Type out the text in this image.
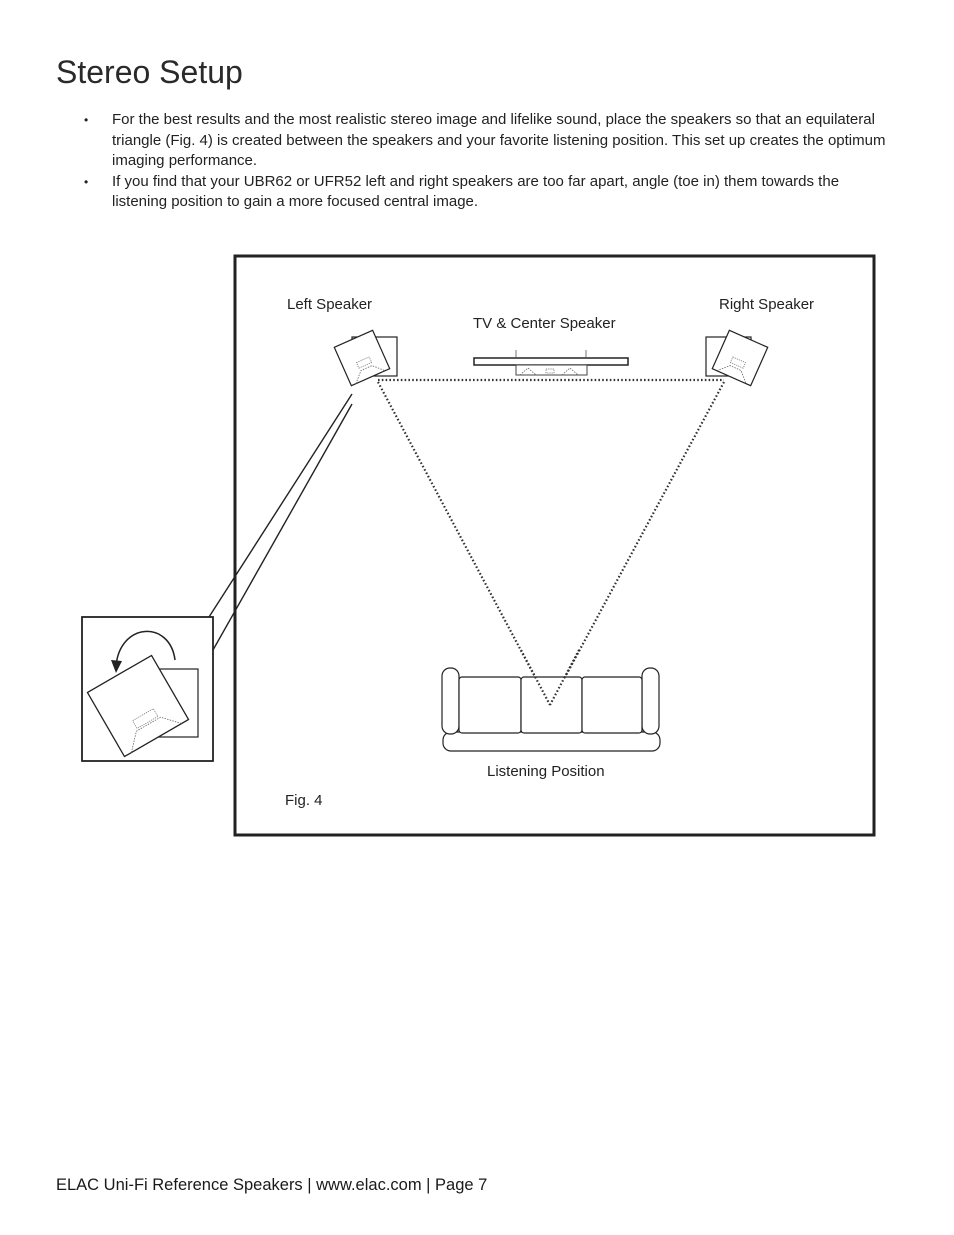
Stereo Setup
• For the best results and the most realistic stereo image and lifelike sound, place the speakers so that an equilateral triangle (Fig. 4) is created between the speakers and your favorite listening position. This set up creates the optimum imaging performance.
• If you find that your UBR62 or UFR52 left and right speakers are too far apart, angle (toe in) them towards the listening position to gain a more focused central image.
Left Speaker	Right Speaker
TV & Center Speaker
Listening Position
Fig. 4

ELAC Uni-Fi Reference Speakers | www.elac.com | Page 7
